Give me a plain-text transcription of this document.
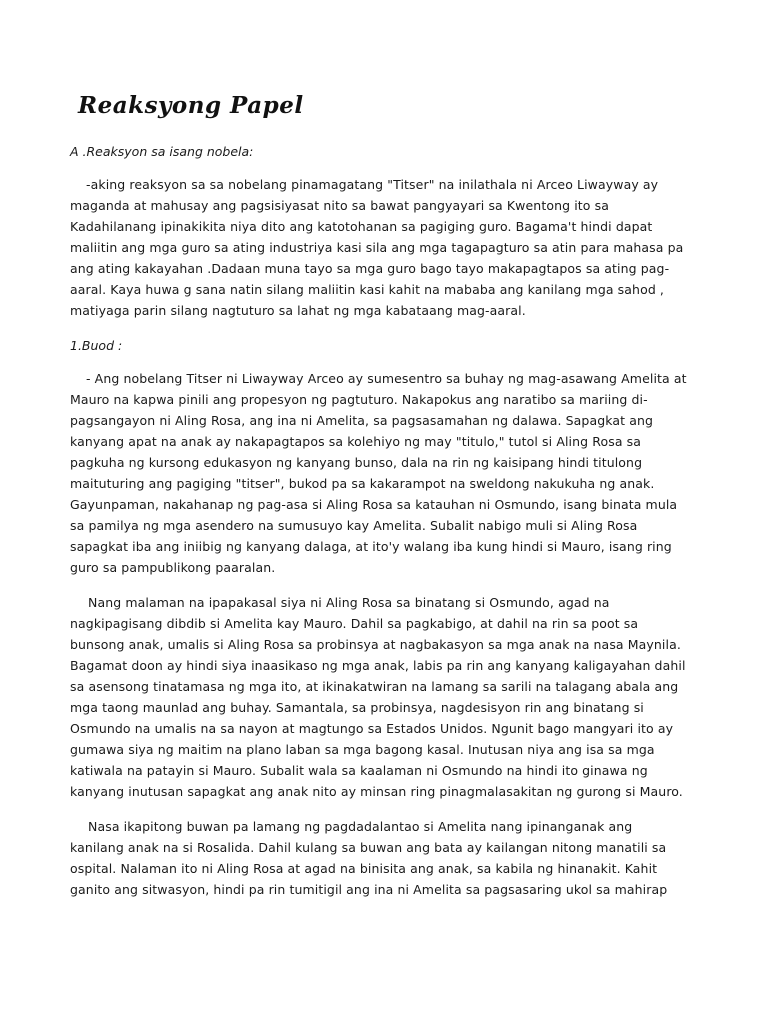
Reaksyong Papel
A .Reaksyon sa isang nobela:

-aking reaksyon sa sa nobelang pinamagatang "Titser" na inilathala ni Arceo Liwayway ay maganda at mahusay ang pagsisiyasat nito sa bawat pangyayari sa Kwentong ito sa Kadahilanang ipinakikita niya dito ang katotohanan sa pagiging guro. Bagama't hindi dapat maliitin ang mga guro sa ating industriya kasi sila ang mga tagapagturo sa atin para mahasa pa ang ating kakayahan .Dadaan muna tayo sa mga guro bago tayo makapagtapos sa ating pag-aaral. Kaya huwa g sana natin silang maliitin kasi kahit na mababa ang kanilang mga sahod , matiyaga parin silang nagtuturo sa lahat ng mga kabataang mag-aaral.

1.Buod :

- Ang nobelang Titser ni Liwayway Arceo ay sumesentro sa buhay ng mag-asawang Amelita at Mauro na kapwa pinili ang propesyon ng pagtuturo. Nakapokus ang naratibo sa mariing di-pagsangayon ni Aling Rosa, ang ina ni Amelita, sa pagsasamahan ng dalawa. Sapagkat ang kanyang apat na anak ay nakapagtapos sa kolehiyo ng may "titulo," tutol si Aling Rosa sa pagkuha ng kursong edukasyon ng kanyang bunso, dala na rin ng kaisipang hindi titulong maituturing ang pagiging "titser", bukod pa sa kakarampot na sweldong nakukuha ng anak. Gayunpaman, nakahanap ng pag-asa si Aling Rosa sa katauhan ni Osmundo, isang binata mula sa pamilya ng mga asendero na sumusuyo kay Amelita. Subalit nabigo muli si Aling Rosa sapagkat iba ang iniibig ng kanyang dalaga, at ito'y walang iba kung hindi si Mauro, isang ring guro sa pampublikong paaralan.

Nang malaman na ipapakasal siya ni Aling Rosa sa binatang si Osmundo, agad na nagkipagisang dibdib si Amelita kay Mauro. Dahil sa pagkabigo, at dahil na rin sa poot sa bunsong anak, umalis si Aling Rosa sa probinsya at nagbakasyon sa mga anak na nasa Maynila. Bagamat doon ay hindi siya inaasikaso ng mga anak, labis pa rin ang kanyang kaligayahan dahil sa asensong tinatamasa ng mga ito, at ikinakatwiran na lamang sa sarili na talagang abala ang mga taong maunlad ang buhay. Samantala, sa probinsya, nagdesisyon rin ang binatang si Osmundo na umalis na sa nayon at magtungo sa Estados Unidos. Ngunit bago mangyari ito ay gumawa siya ng maitim na plano laban sa mga bagong kasal. Inutusan niya ang isa sa mga katiwala na patayin si Mauro. Subalit wala sa kaalaman ni Osmundo na hindi ito ginawa ng kanyang inutusan sapagkat ang anak nito ay minsan ring pinagmalasakitan ng gurong si Mauro.

Nasa ikapitong buwan pa lamang ng pagdadalantao si Amelita nang ipinanganak ang kanilang anak na si Rosalida. Dahil kulang sa buwan ang bata ay kailangan nitong manatili sa ospital. Nalaman ito ni Aling Rosa at agad na binisita ang anak, sa kabila ng hinanakit. Kahit ganito ang sitwasyon, hindi pa rin tumitigil ang ina ni Amelita sa pagsasaring ukol sa mahirap
